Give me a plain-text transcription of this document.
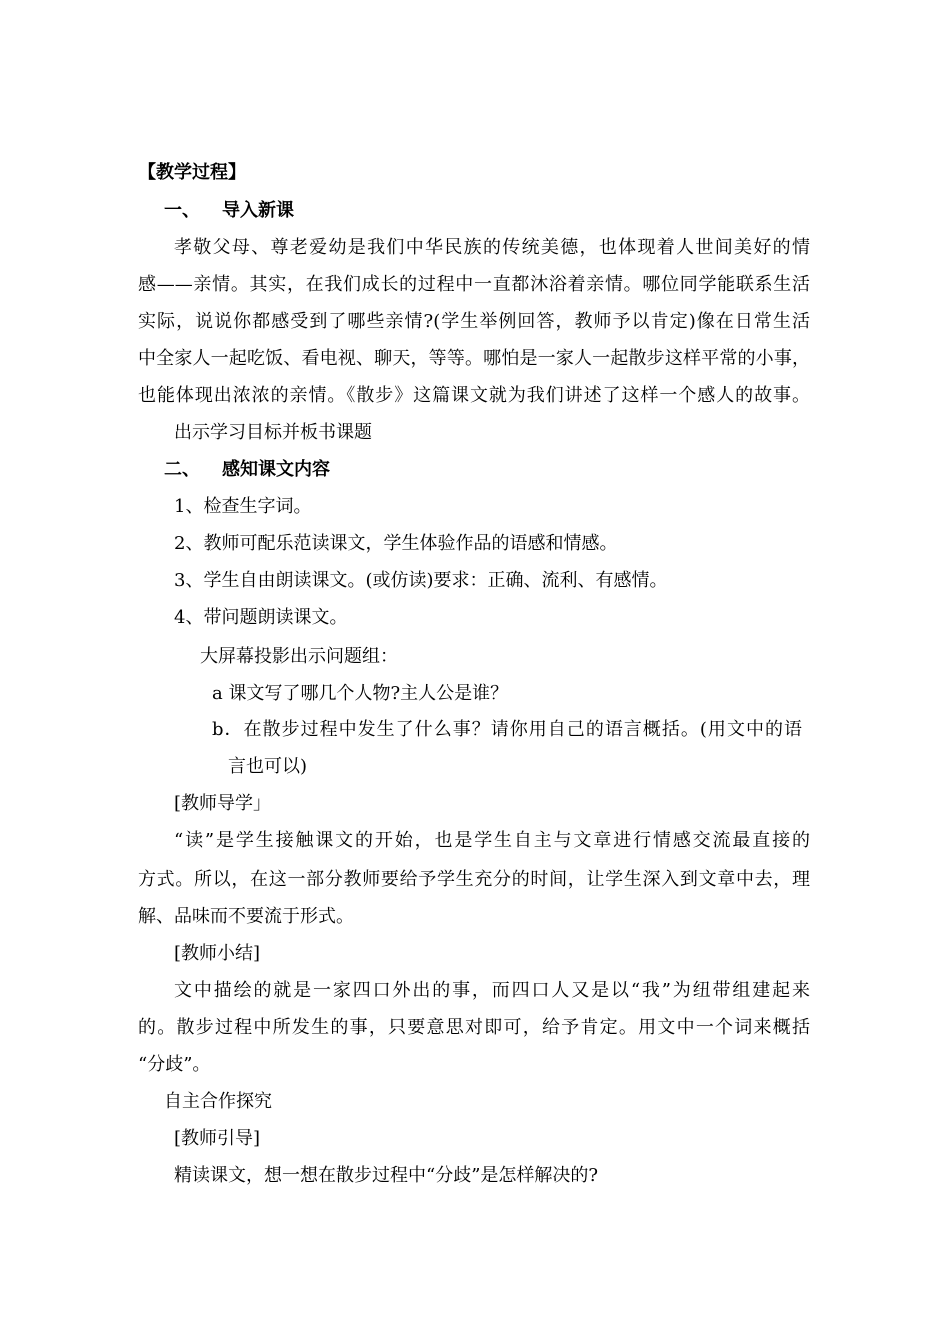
【教学过程】
一、 导入新课
孝敬父母、尊老爱幼是我们中华民族的传统美德，也体现着人世间美好的情
感——亲情。其实，在我们成长的过程中一直都沐浴着亲情。哪位同学能联系生活
实际，说说你都感受到了哪些亲情?(学生举例回答，教师予以肯定)像在日常生活
中全家人一起吃饭、看电视、聊天，等等。哪怕是一家人一起散步这样平常的小事，
也能体现出浓浓的亲情。《散步》这篇课文就为我们讲述了这样一个感人的故事。
出示学习目标并板书课题
二、 感知课文内容
1、检查生字词。
2、教师可配乐范读课文，学生体验作品的语感和情感。
3、学生自由朗读课文。(或仿读)要求：正确、流利、有感情。
4、带问题朗读课文。
大屏幕投影出示问题组：
a 课文写了哪几个人物?主人公是谁？
b．在散步过程中发生了什么事？请你用自己的语言概括。(用文中的语
言也可以)
[教师导学」
“读”是学生接触课文的开始，也是学生自主与文章进行情感交流最直接的
方式。所以，在这一部分教师要给予学生充分的时间，让学生深入到文章中去，理
解、品味而不要流于形式。
[教师小结]
文中描绘的就是一家四口外出的事，而四口人又是以“我”为纽带组建起来
的。散步过程中所发生的事，只要意思对即可，给予肯定。用文中一个词来概括
“分歧”。
自主合作探究
[教师引导]
精读课文，想一想在散步过程中“分歧”是怎样解决的?
